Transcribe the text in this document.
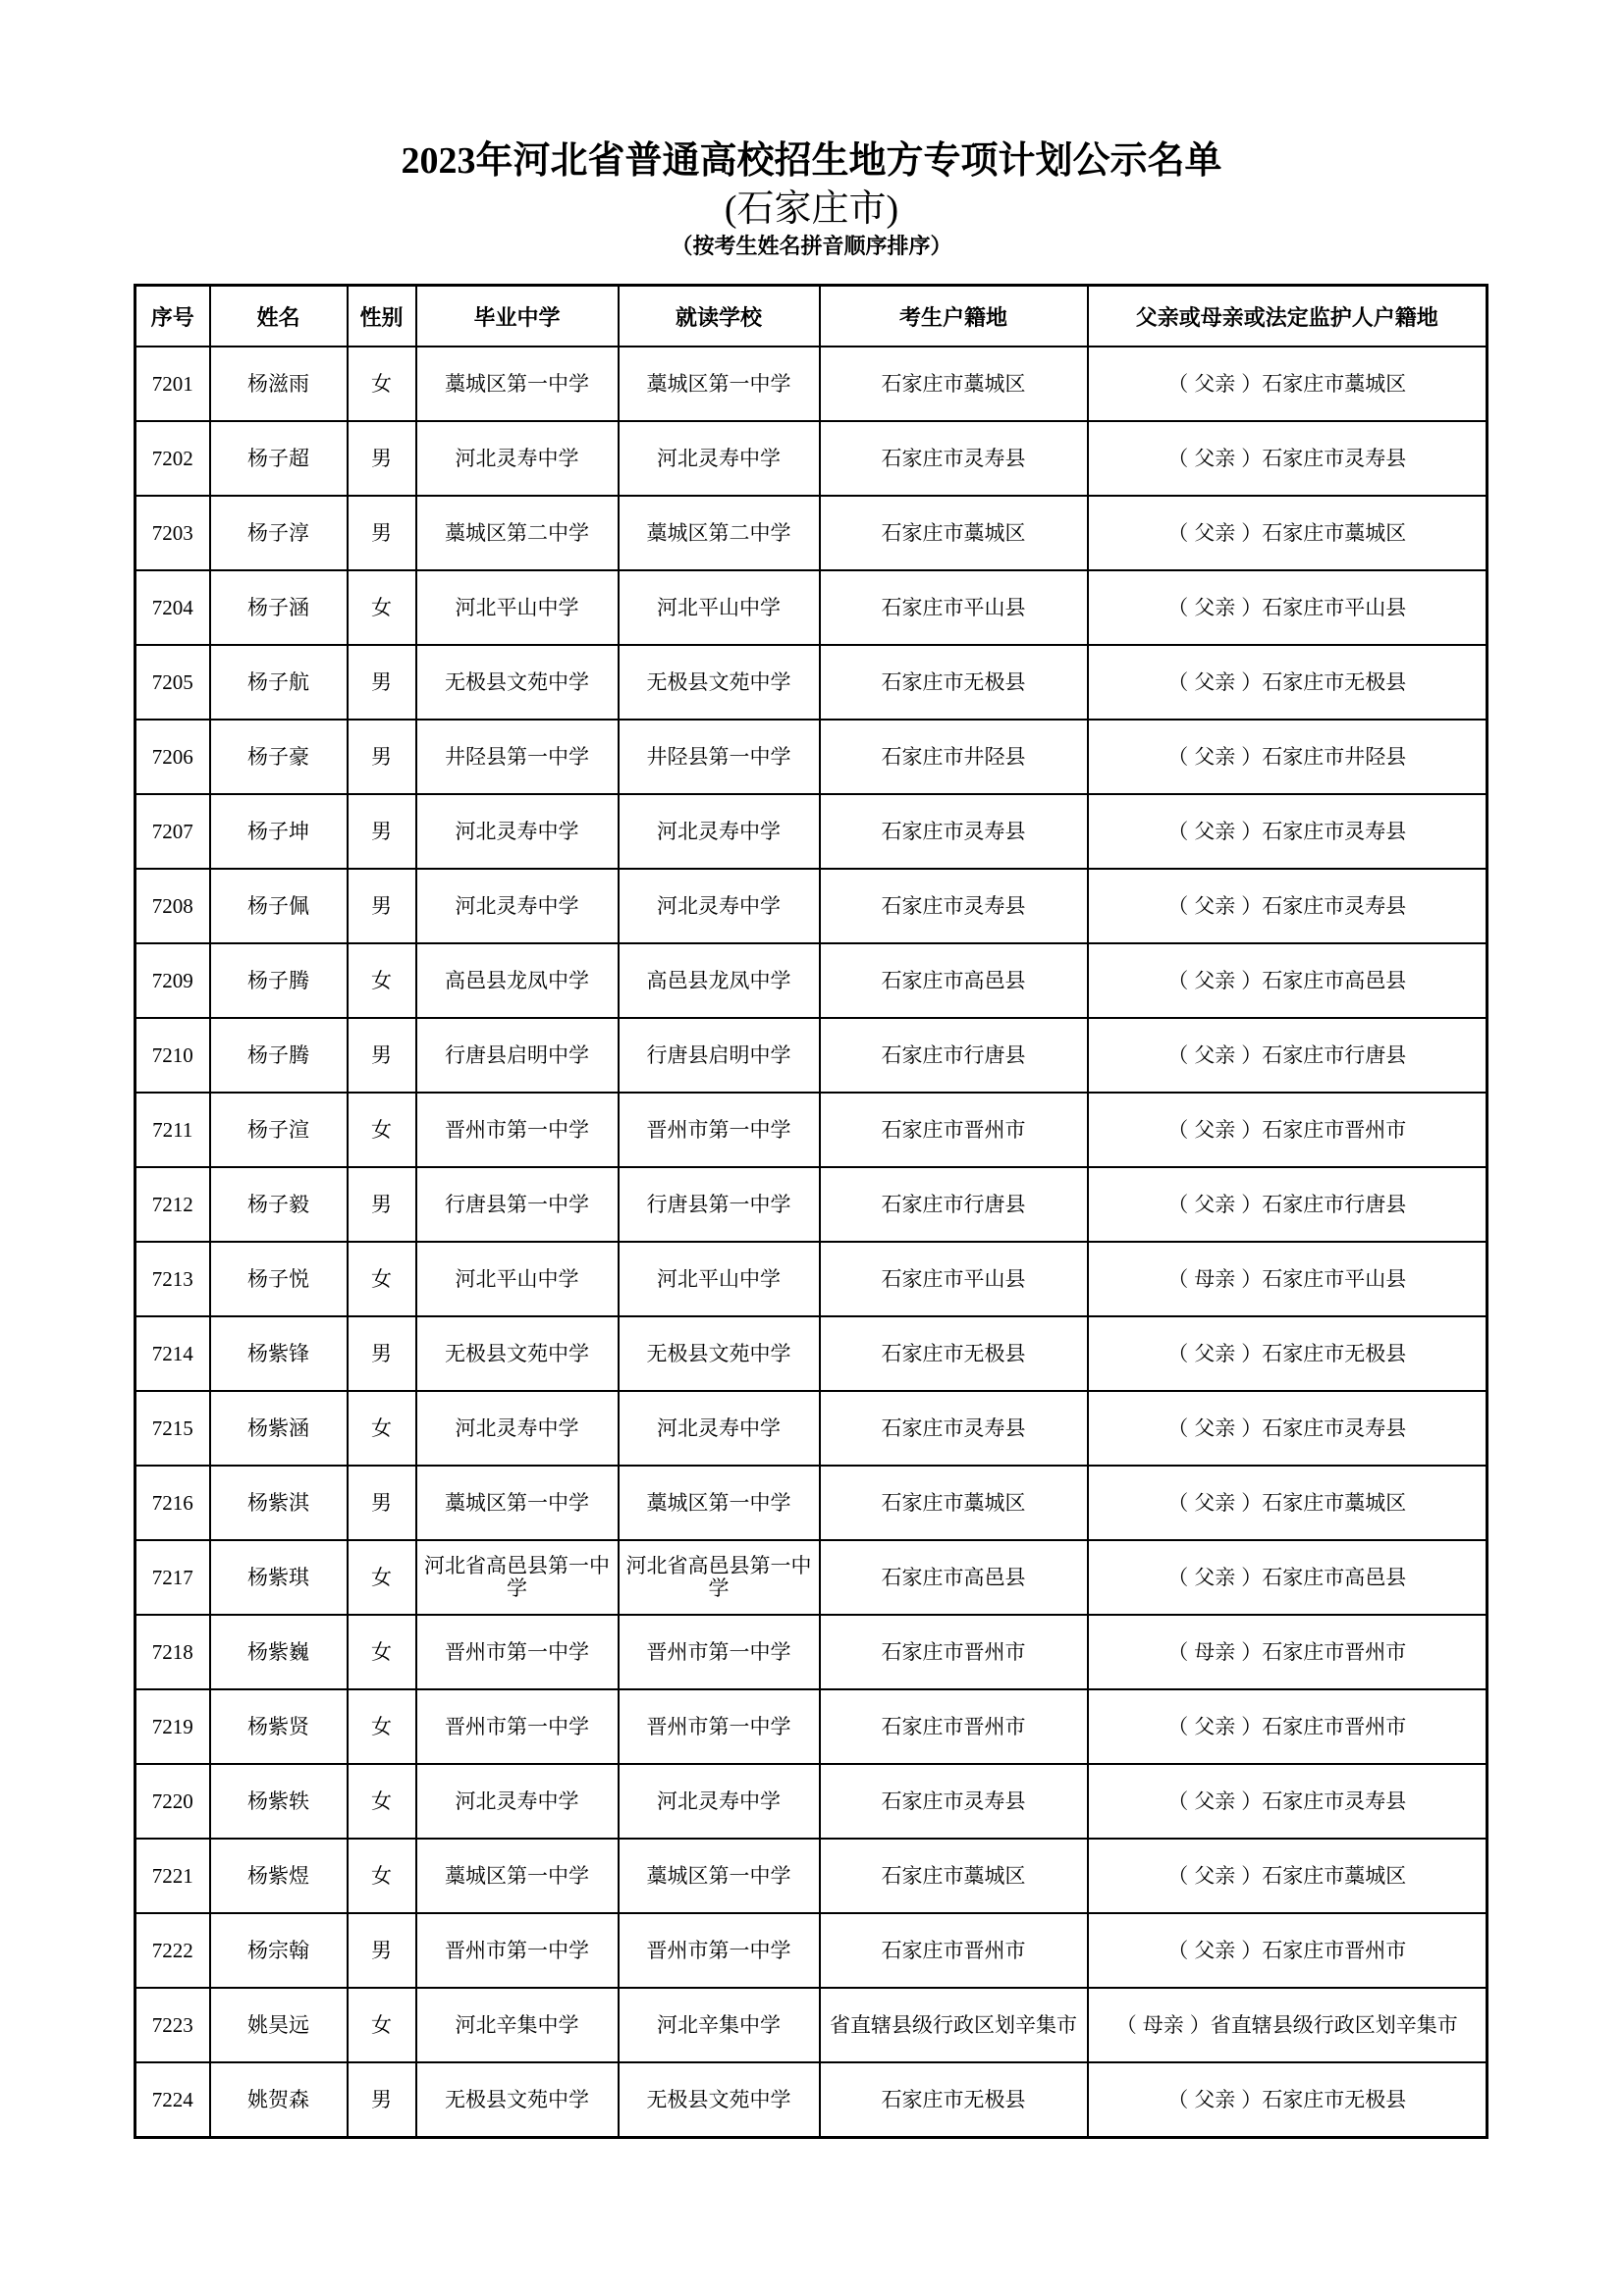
2023年河北省普通高校招生地方专项计划公示名单
(石家庄市)
（按考生姓名拼音顺序排序）
序号	姓名	性别	毕业中学	就读学校	考生户籍地	父亲或母亲或法定监护人户籍地
7201	杨滋雨	女	藁城区第一中学	藁城区第一中学	石家庄市藁城区	（ 父亲 ）石家庄市藁城区
7202	杨子超	男	河北灵寿中学	河北灵寿中学	石家庄市灵寿县	（ 父亲 ）石家庄市灵寿县
7203	杨子淳	男	藁城区第二中学	藁城区第二中学	石家庄市藁城区	（ 父亲 ）石家庄市藁城区
7204	杨子涵	女	河北平山中学	河北平山中学	石家庄市平山县	（ 父亲 ）石家庄市平山县
7205	杨子航	男	无极县文苑中学	无极县文苑中学	石家庄市无极县	（ 父亲 ）石家庄市无极县
7206	杨子豪	男	井陉县第一中学	井陉县第一中学	石家庄市井陉县	（ 父亲 ）石家庄市井陉县
7207	杨子坤	男	河北灵寿中学	河北灵寿中学	石家庄市灵寿县	（ 父亲 ）石家庄市灵寿县
7208	杨子佩	男	河北灵寿中学	河北灵寿中学	石家庄市灵寿县	（ 父亲 ）石家庄市灵寿县
7209	杨子腾	女	高邑县龙凤中学	高邑县龙凤中学	石家庄市高邑县	（ 父亲 ）石家庄市高邑县
7210	杨子腾	男	行唐县启明中学	行唐县启明中学	石家庄市行唐县	（ 父亲 ）石家庄市行唐县
7211	杨子渲	女	晋州市第一中学	晋州市第一中学	石家庄市晋州市	（ 父亲 ）石家庄市晋州市
7212	杨子毅	男	行唐县第一中学	行唐县第一中学	石家庄市行唐县	（ 父亲 ）石家庄市行唐县
7213	杨子悦	女	河北平山中学	河北平山中学	石家庄市平山县	（ 母亲 ）石家庄市平山县
7214	杨紫锋	男	无极县文苑中学	无极县文苑中学	石家庄市无极县	（ 父亲 ）石家庄市无极县
7215	杨紫涵	女	河北灵寿中学	河北灵寿中学	石家庄市灵寿县	（ 父亲 ）石家庄市灵寿县
7216	杨紫淇	男	藁城区第一中学	藁城区第一中学	石家庄市藁城区	（ 父亲 ）石家庄市藁城区
7217	杨紫琪	女	河北省高邑县第一中学	河北省高邑县第一中学	石家庄市高邑县	（ 父亲 ）石家庄市高邑县
7218	杨紫巍	女	晋州市第一中学	晋州市第一中学	石家庄市晋州市	（ 母亲 ）石家庄市晋州市
7219	杨紫贤	女	晋州市第一中学	晋州市第一中学	石家庄市晋州市	（ 父亲 ）石家庄市晋州市
7220	杨紫轶	女	河北灵寿中学	河北灵寿中学	石家庄市灵寿县	（ 父亲 ）石家庄市灵寿县
7221	杨紫煜	女	藁城区第一中学	藁城区第一中学	石家庄市藁城区	（ 父亲 ）石家庄市藁城区
7222	杨宗翰	男	晋州市第一中学	晋州市第一中学	石家庄市晋州市	（ 父亲 ）石家庄市晋州市
7223	姚昊远	女	河北辛集中学	河北辛集中学	省直辖县级行政区划辛集市	（ 母亲 ）省直辖县级行政区划辛集市
7224	姚贺森	男	无极县文苑中学	无极县文苑中学	石家庄市无极县	（ 父亲 ）石家庄市无极县
